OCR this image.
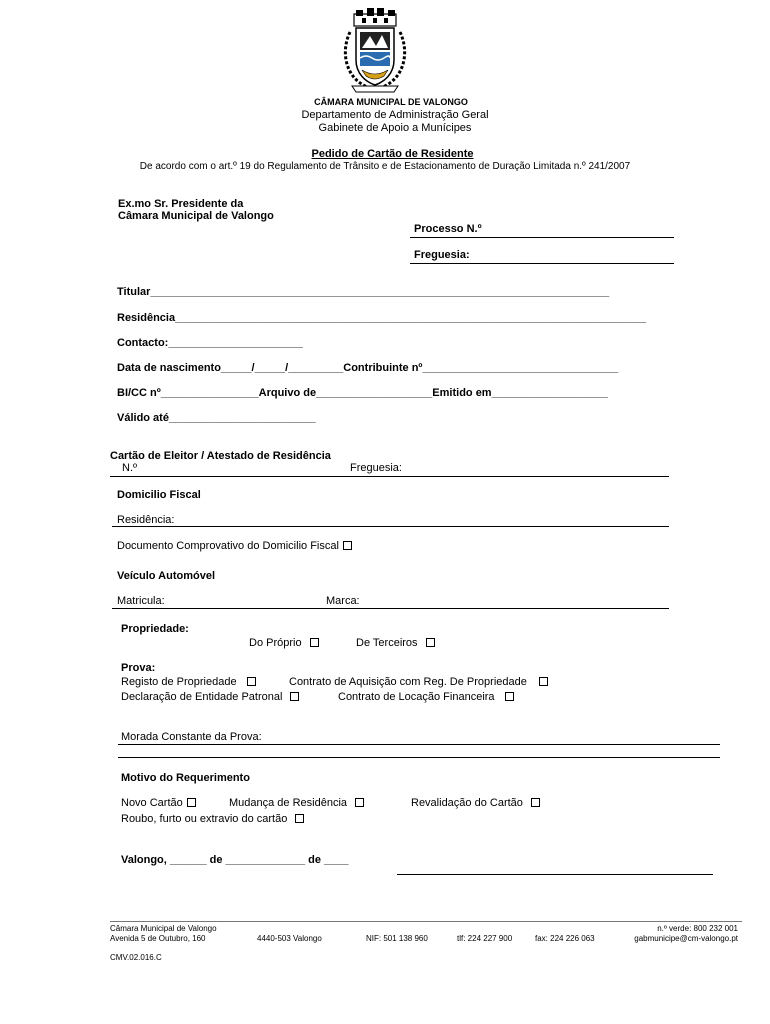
CÂMARA MUNICIPAL DE VALONGO
Departamento de Administração Geral
Gabinete de Apoio a Munícipes
Pedido de Cartão de Residente
De acordo com o art.º 19 do Regulamento de Trânsito e de Estacionamento de Duração Limitada n.º 241/2007
Ex.mo Sr. Presidente da
Câmara Municipal de Valongo
Processo N.º
Freguesia:
Titular___________________________________________________________________________
Residência_____________________________________________________________________________
Contacto:______________________
Data de nascimento_____/_____/_________Contribuinte nº________________________________
BI/CC nº________________Arquivo de___________________Emitido em___________________
Válido até________________________
Cartão de Eleitor / Atestado de Residência
N.º	Freguesia:
Domicilio Fiscal
Residência:
Documento Comprovativo do Domicilio Fiscal
Veículo Automóvel
Matricula:	Marca:
Propriedade:
Do Próprio	De Terceiros
Prova:
Registo de Propriedade	Contrato de Aquisição com Reg. De Propriedade
Declaração de Entidade Patronal	Contrato de Locação Financeira
Morada Constante da Prova:
Motivo do Requerimento
Novo Cartão	Mudança de Residência	Revalidação do Cartão
Roubo, furto ou extravio do cartão
Valongo, ______ de _____________ de ____
Câmara Municipal de Valongo	n.º verde: 800 232 001
Avenida 5 de Outubro, 160	4440-503 Valongo	NIF: 501 138 960	tlf: 224 227 900	fax: 224 226 063	gabmunicipe@cm-valongo.pt
CMV.02.016.C
